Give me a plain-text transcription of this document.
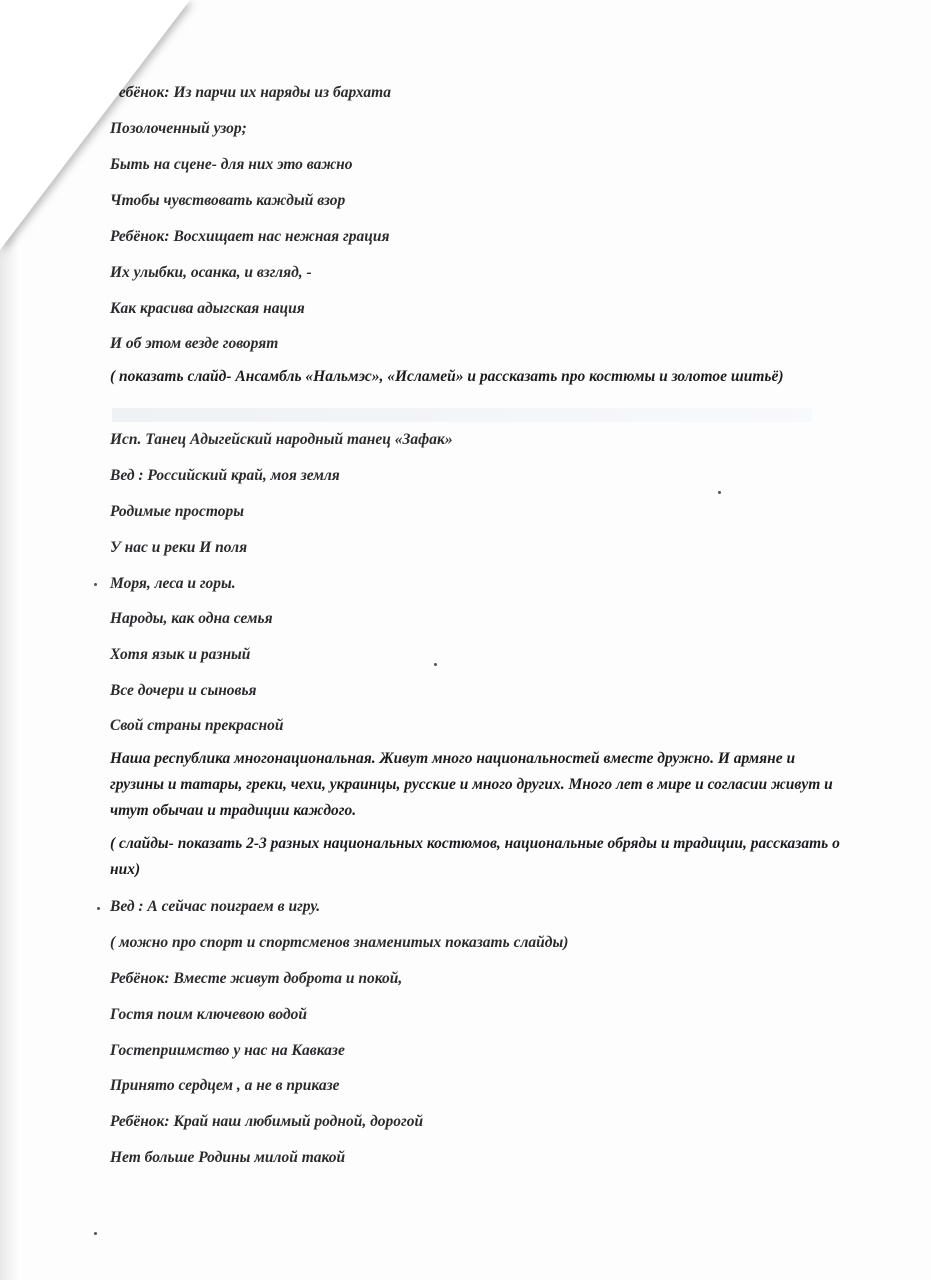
Ребёнок: Из парчи их наряды из бархата
Позолоченный узор;
Быть на сцене- для них это важно
Чтобы чувствовать каждый взор
Ребёнок: Восхищает нас нежная грация
Их улыбки, осанка, и взгляд, -
Как красива адыгская нация
И об этом везде говорят
( показать слайд- Ансамбль «Нальмэс», «Исламей» и рассказать про костюмы и золотое шитьё)
Исп. Танец Адыгейский народный танец «Зафак»
Вед : Российский край, моя земля
Родимые просторы
У нас и реки И поля
Моря, леса и горы.
Народы, как одна семья
Хотя язык и разный
Все дочери и сыновья
Свой страны прекрасной
Наша республика многонациональная. Живут много национальностей вместе дружно. И армяне и грузины и татары, греки, чехи, украинцы, русские и много других. Много лет в мире и согласии живут и чтут обычаи и традиции каждого.
( слайды- показать 2-3 разных национальных костюмов, национальные обряды и традиции, рассказать о них)
Вед : А сейчас поиграем в игру.
( можно про спорт и спортсменов знаменитых показать слайды)
Ребёнок: Вместе живут доброта и покой,
Гостя поим ключевою водой
Гостеприимство у нас на Кавказе
Принято сердцем , а не в приказе
Ребёнок: Край наш любимый родной, дорогой
Нет больше Родины милой такой
